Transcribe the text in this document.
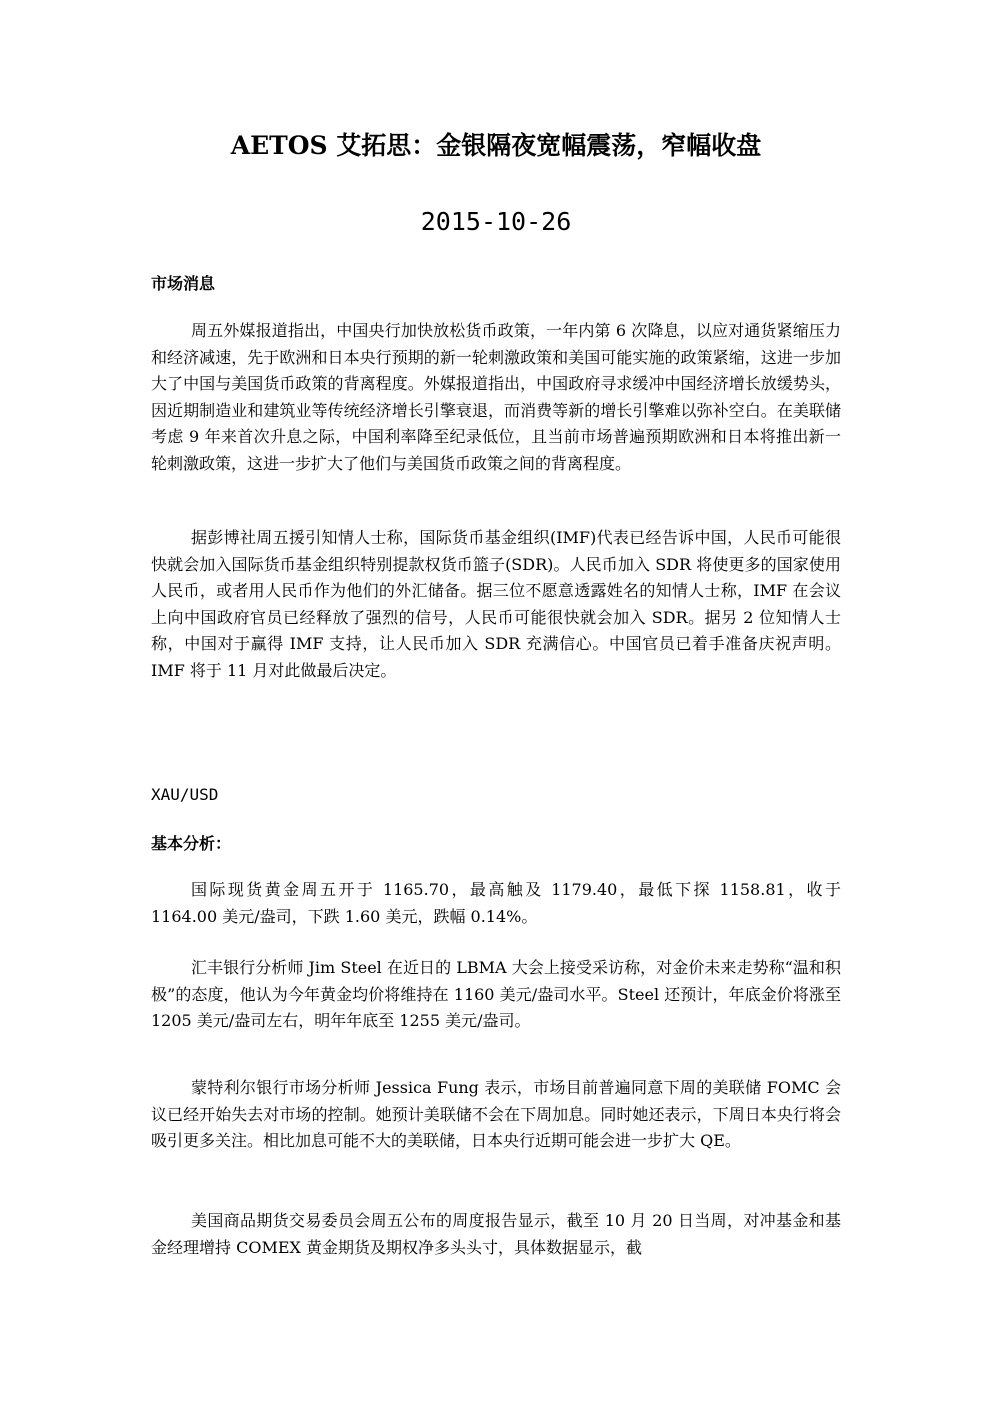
AETOS 艾拓思：金银隔夜宽幅震荡，窄幅收盘
2015-10-26
市场消息

周五外媒报道指出，中国央行加快放松货币政策，一年内第 6 次降息，以应对通货紧缩压力和经济减速，先于欧洲和日本央行预期的新一轮刺激政策和美国可能实施的政策紧缩，这进一步加大了中国与美国货币政策的背离程度。外媒报道指出，中国政府寻求缓冲中国经济增长放缓势头，因近期制造业和建筑业等传统经济增长引擎衰退，而消费等新的增长引擎难以弥补空白。在美联储考虑 9 年来首次升息之际，中国利率降至纪录低位，且当前市场普遍预期欧洲和日本将推出新一轮刺激政策，这进一步扩大了他们与美国货币政策之间的背离程度。

据彭博社周五援引知情人士称，国际货币基金组织(IMF)代表已经告诉中国，人民币可能很快就会加入国际货币基金组织特别提款权货币篮子(SDR)。人民币加入 SDR 将使更多的国家使用人民币，或者用人民币作为他们的外汇储备。据三位不愿意透露姓名的知情人士称，IMF 在会议上向中国政府官员已经释放了强烈的信号，人民币可能很快就会加入 SDR。据另 2 位知情人士称，中国对于赢得 IMF 支持，让人民币加入 SDR 充满信心。中国官员已着手准备庆祝声明。IMF 将于 11 月对此做最后决定。

XAU/USD
基本分析：

国际现货黄金周五开于 1165.70，最高触及 1179.40，最低下探 1158.81，收于 1164.00 美元/盎司，下跌 1.60 美元，跌幅 0.14%。

汇丰银行分析师 Jim Steel 在近日的 LBMA 大会上接受采访称，对金价未来走势称“温和积极”的态度，他认为今年黄金均价将维持在 1160 美元/盎司水平。Steel 还预计，年底金价将涨至 1205 美元/盎司左右，明年年底至 1255 美元/盎司。

蒙特利尔银行市场分析师 Jessica Fung 表示，市场目前普遍同意下周的美联储 FOMC 会议已经开始失去对市场的控制。她预计美联储不会在下周加息。同时她还表示，下周日本央行将会吸引更多关注。相比加息可能不大的美联储，日本央行近期可能会进一步扩大 QE。

美国商品期货交易委员会周五公布的周度报告显示，截至 10 月 20 日当周，对冲基金和基金经理增持 COMEX 黄金期货及期权净多头头寸，具体数据显示，截
